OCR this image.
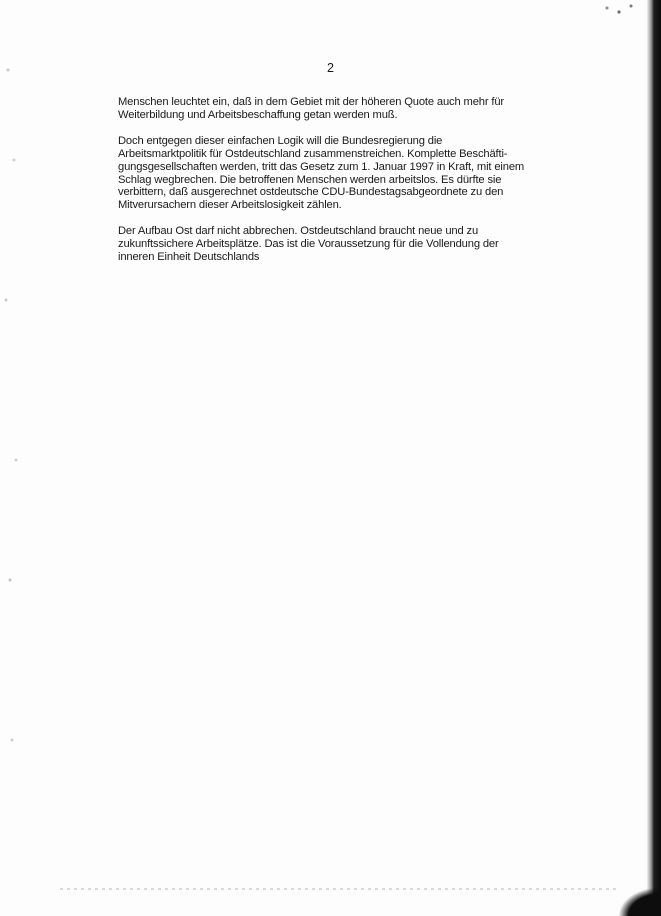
2

Menschen leuchtet ein, daß in dem Gebiet mit der höheren Quote auch mehr für
Weiterbildung und Arbeitsbeschaffung getan werden muß.

Doch entgegen dieser einfachen Logik will die Bundesregierung die
Arbeitsmarktpolitik für Ostdeutschland zusammenstreichen. Komplette Beschäfti-
gungsgesellschaften werden, tritt das Gesetz zum 1. Januar 1997 in Kraft, mit einem
Schlag wegbrechen. Die betroffenen Menschen werden arbeitslos. Es dürfte sie
verbittern, daß ausgerechnet ostdeutsche CDU-Bundestagsabgeordnete zu den
Mitverursachern dieser Arbeitslosigkeit zählen.

Der Aufbau Ost darf nicht abbrechen. Ostdeutschland braucht neue und zu
zukunftssichere Arbeitsplätze. Das ist die Voraussetzung für die Vollendung der
inneren Einheit Deutschlands
